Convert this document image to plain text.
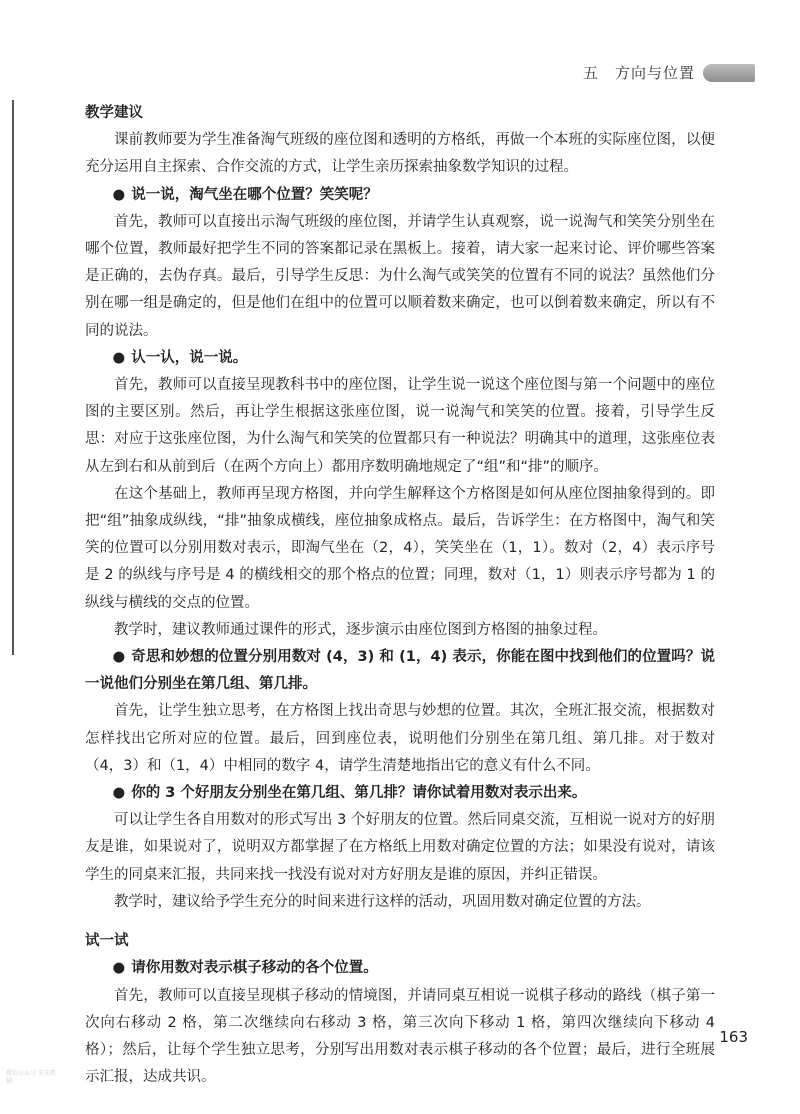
五　方向与位置

教学建议

课前教师要为学生准备淘气班级的座位图和透明的方格纸，再做一个本班的实际座位图，以便充分运用自主探索、合作交流的方式，让学生亲历探索抽象数学知识的过程。

● 说一说，淘气坐在哪个位置？笑笑呢？

首先，教师可以直接出示淘气班级的座位图，并请学生认真观察，说一说淘气和笑笑分别坐在哪个位置，教师最好把学生不同的答案都记录在黑板上。接着，请大家一起来讨论、评价哪些答案是正确的，去伪存真。最后，引导学生反思：为什么淘气或笑笑的位置有不同的说法？虽然他们分别在哪一组是确定的，但是他们在组中的位置可以顺着数来确定，也可以倒着数来确定，所以有不同的说法。

● 认一认，说一说。

首先，教师可以直接呈现教科书中的座位图，让学生说一说这个座位图与第一个问题中的座位图的主要区别。然后，再让学生根据这张座位图，说一说淘气和笑笑的位置。接着，引导学生反思：对应于这张座位图，为什么淘气和笑笑的位置都只有一种说法？明确其中的道理，这张座位表从左到右和从前到后（在两个方向上）都用序数明确地规定了“组”和“排”的顺序。

在这个基础上，教师再呈现方格图，并向学生解释这个方格图是如何从座位图抽象得到的。即把“组”抽象成纵线，“排”抽象成横线，座位抽象成格点。最后，告诉学生：在方格图中，淘气和笑笑的位置可以分别用数对表示，即淘气坐在（2，4），笑笑坐在（1，1）。数对（2，4）表示序号是 2 的纵线与序号是 4 的横线相交的那个格点的位置；同理，数对（1，1）则表示序号都为 1 的纵线与横线的交点的位置。

教学时，建议教师通过课件的形式，逐步演示由座位图到方格图的抽象过程。

● 奇思和妙想的位置分别用数对 (4，3) 和 (1，4) 表示，你能在图中找到他们的位置吗？说一说他们分别坐在第几组、第几排。

首先，让学生独立思考，在方格图上找出奇思与妙想的位置。其次，全班汇报交流，根据数对怎样找出它所对应的位置。最后，回到座位表，说明他们分别坐在第几组、第几排。对于数对（4，3）和（1，4）中相同的数字 4，请学生清楚地指出它的意义有什么不同。

● 你的 3 个好朋友分别坐在第几组、第几排？请你试着用数对表示出来。

可以让学生各自用数对的形式写出 3 个好朋友的位置。然后同桌交流，互相说一说对方的好朋友是谁，如果说对了，说明双方都掌握了在方格纸上用数对确定位置的方法；如果没有说对，请该学生的同桌来汇报，共同来找一找没有说对对方好朋友是谁的原因，并纠正错误。

教学时，建议给予学生充分的时间来进行这样的活动，巩固用数对确定位置的方法。

试一试

● 请你用数对表示棋子移动的各个位置。

首先，教师可以直接呈现棋子移动的情境图，并请同桌互相说一说棋子移动的路线（棋子第一次向右移动 2 格，第二次继续向右移动 3 格，第三次向下移动 1 格，第四次继续向下移动 4 格）；然后，让每个学生独立思考，分别写出用数对表示棋子移动的各个位置；最后，进行全班展示汇报，达成共识。

163
微信公众号 宋宋教辅
